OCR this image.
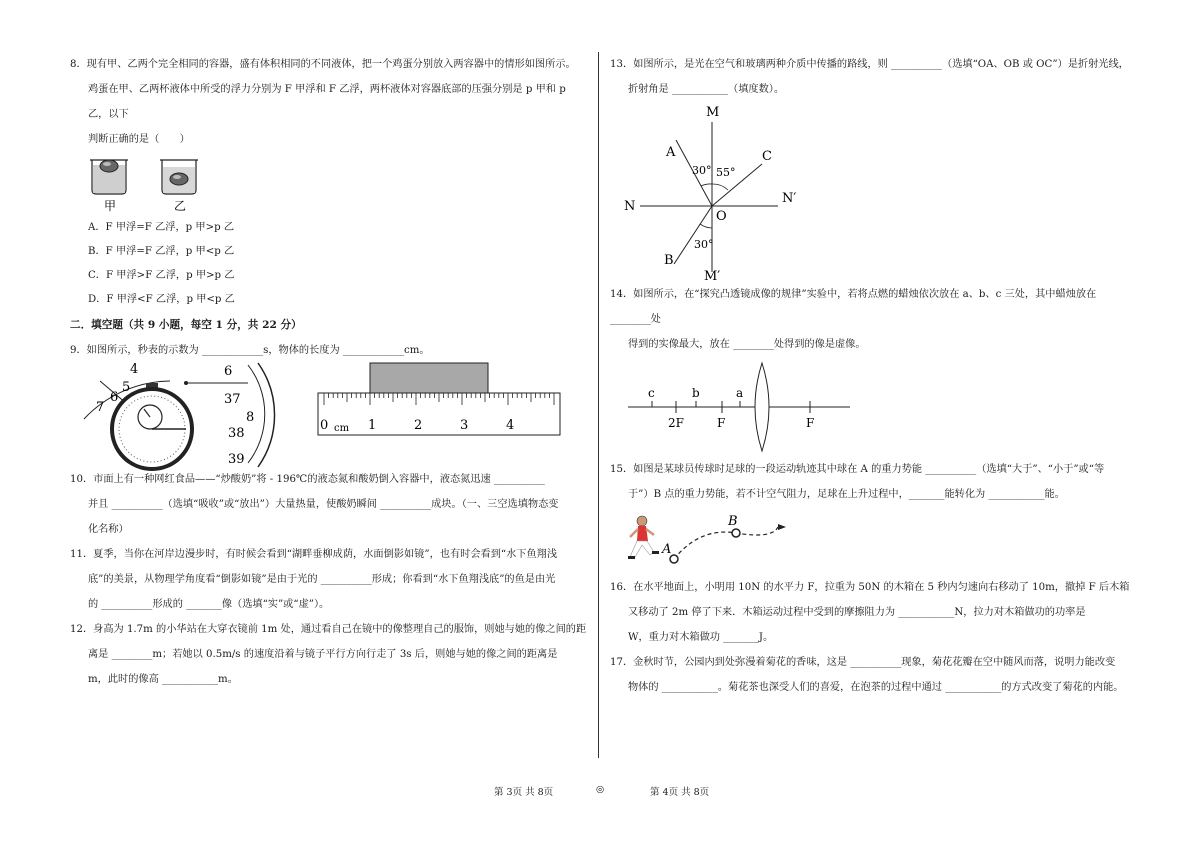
8．现有甲、乙两个完全相同的容器，盛有体积相同的不同液体，把一个鸡蛋分别放入两容器中的情形如图所示。

鸡蛋在甲、乙两杯液体中所受的浮力分别为 F 甲浮和 F 乙浮，两杯液体对容器底部的压强分别是 p 甲和 p 乙，以下

判断正确的是（　　）

甲	乙

A．F 甲浮=F 乙浮，p 甲>p 乙

B．F 甲浮=F 乙浮，p 甲<p 乙

C．F 甲浮>F 乙浮，p 甲>p 乙

D．F 甲浮<F 乙浮，p 甲<p 乙

二．填空题（共 9 小题，每空 1 分，共 22 分）

9．如图所示，秒表的示数为 ____________s，物体的长度为 ____________cm。

4
5
6
7
6
37
8
38
39
0 cm 1	2	3	4

10．市面上有一种网红食品——“炒酸奶”将 - 196℃的液态氮和酸奶倒入容器中，液态氮迅速 __________

并且 __________（选填“吸收”或“放出”）大量热量，使酸奶瞬间 __________成块。（一、三空选填物态变

化名称）

11．夏季，当你在河岸边漫步时，有时候会看到“湖畔垂柳成荫，水面倒影如镜”，也有时会看到“水下鱼翔浅

底”的美景，从物理学角度看“倒影如镜”是由于光的 __________形成；你看到“水下鱼翔浅底”的鱼是由光

的 __________形成的 _______像（选填“实”或“虚”）。

12．身高为 1.7m 的小华站在大穿衣镜前 1m 处，通过看自己在镜中的像整理自己的服饰，则她与她的像之间的距

离是 ________m；若她以 0.5m/s 的速度沿着与镜子平行方向行走了 3s 后，则她与她的像之间的距离是

m，此时的像高 ___________m。

13．如图所示，是光在空气和玻璃两种介质中传播的路线，则 __________（选填“OA、OB 或 OC”）是折射光线，

折射角是 ___________（填度数）。

M
M′
N
N′
O
A
B
C
30° 55°
30°

14．如图所示，在“探究凸透镜成像的规律”实验中，若将点燃的蜡烛依次放在 a、b、c 三处，其中蜡烛放在 ________处

得到的实像最大，放在 ________处得到的像是虚像。

c	b	a
2F	F	F

15．如图是某球员传球时足球的一段运动轨迹其中球在 A 的重力势能 __________（选填“大于”、“小于”或“等

于”）B 点的重力势能，若不计空气阻力，足球在上升过程中，_______能转化为 ___________能。

A
B

16．在水平地面上，小明用 10N 的水平力 F，拉重为 50N 的木箱在 5 秒内匀速向右移动了 10m，撤掉 F 后木箱

又移动了 2m 停了下来．木箱运动过程中受到的摩擦阻力为 ___________N，拉力对木箱做功的功率是

W，重力对木箱做功 _______J。

17．金秋时节，公园内到处弥漫着菊花的香味，这是 __________现象，菊花花瓣在空中随风而落，说明力能改变

物体的 ___________。菊花茶也深受人们的喜爱，在泡茶的过程中通过 ___________的方式改变了菊花的内能。

第 3页 共 8页	◎	第 4页 共 8页
